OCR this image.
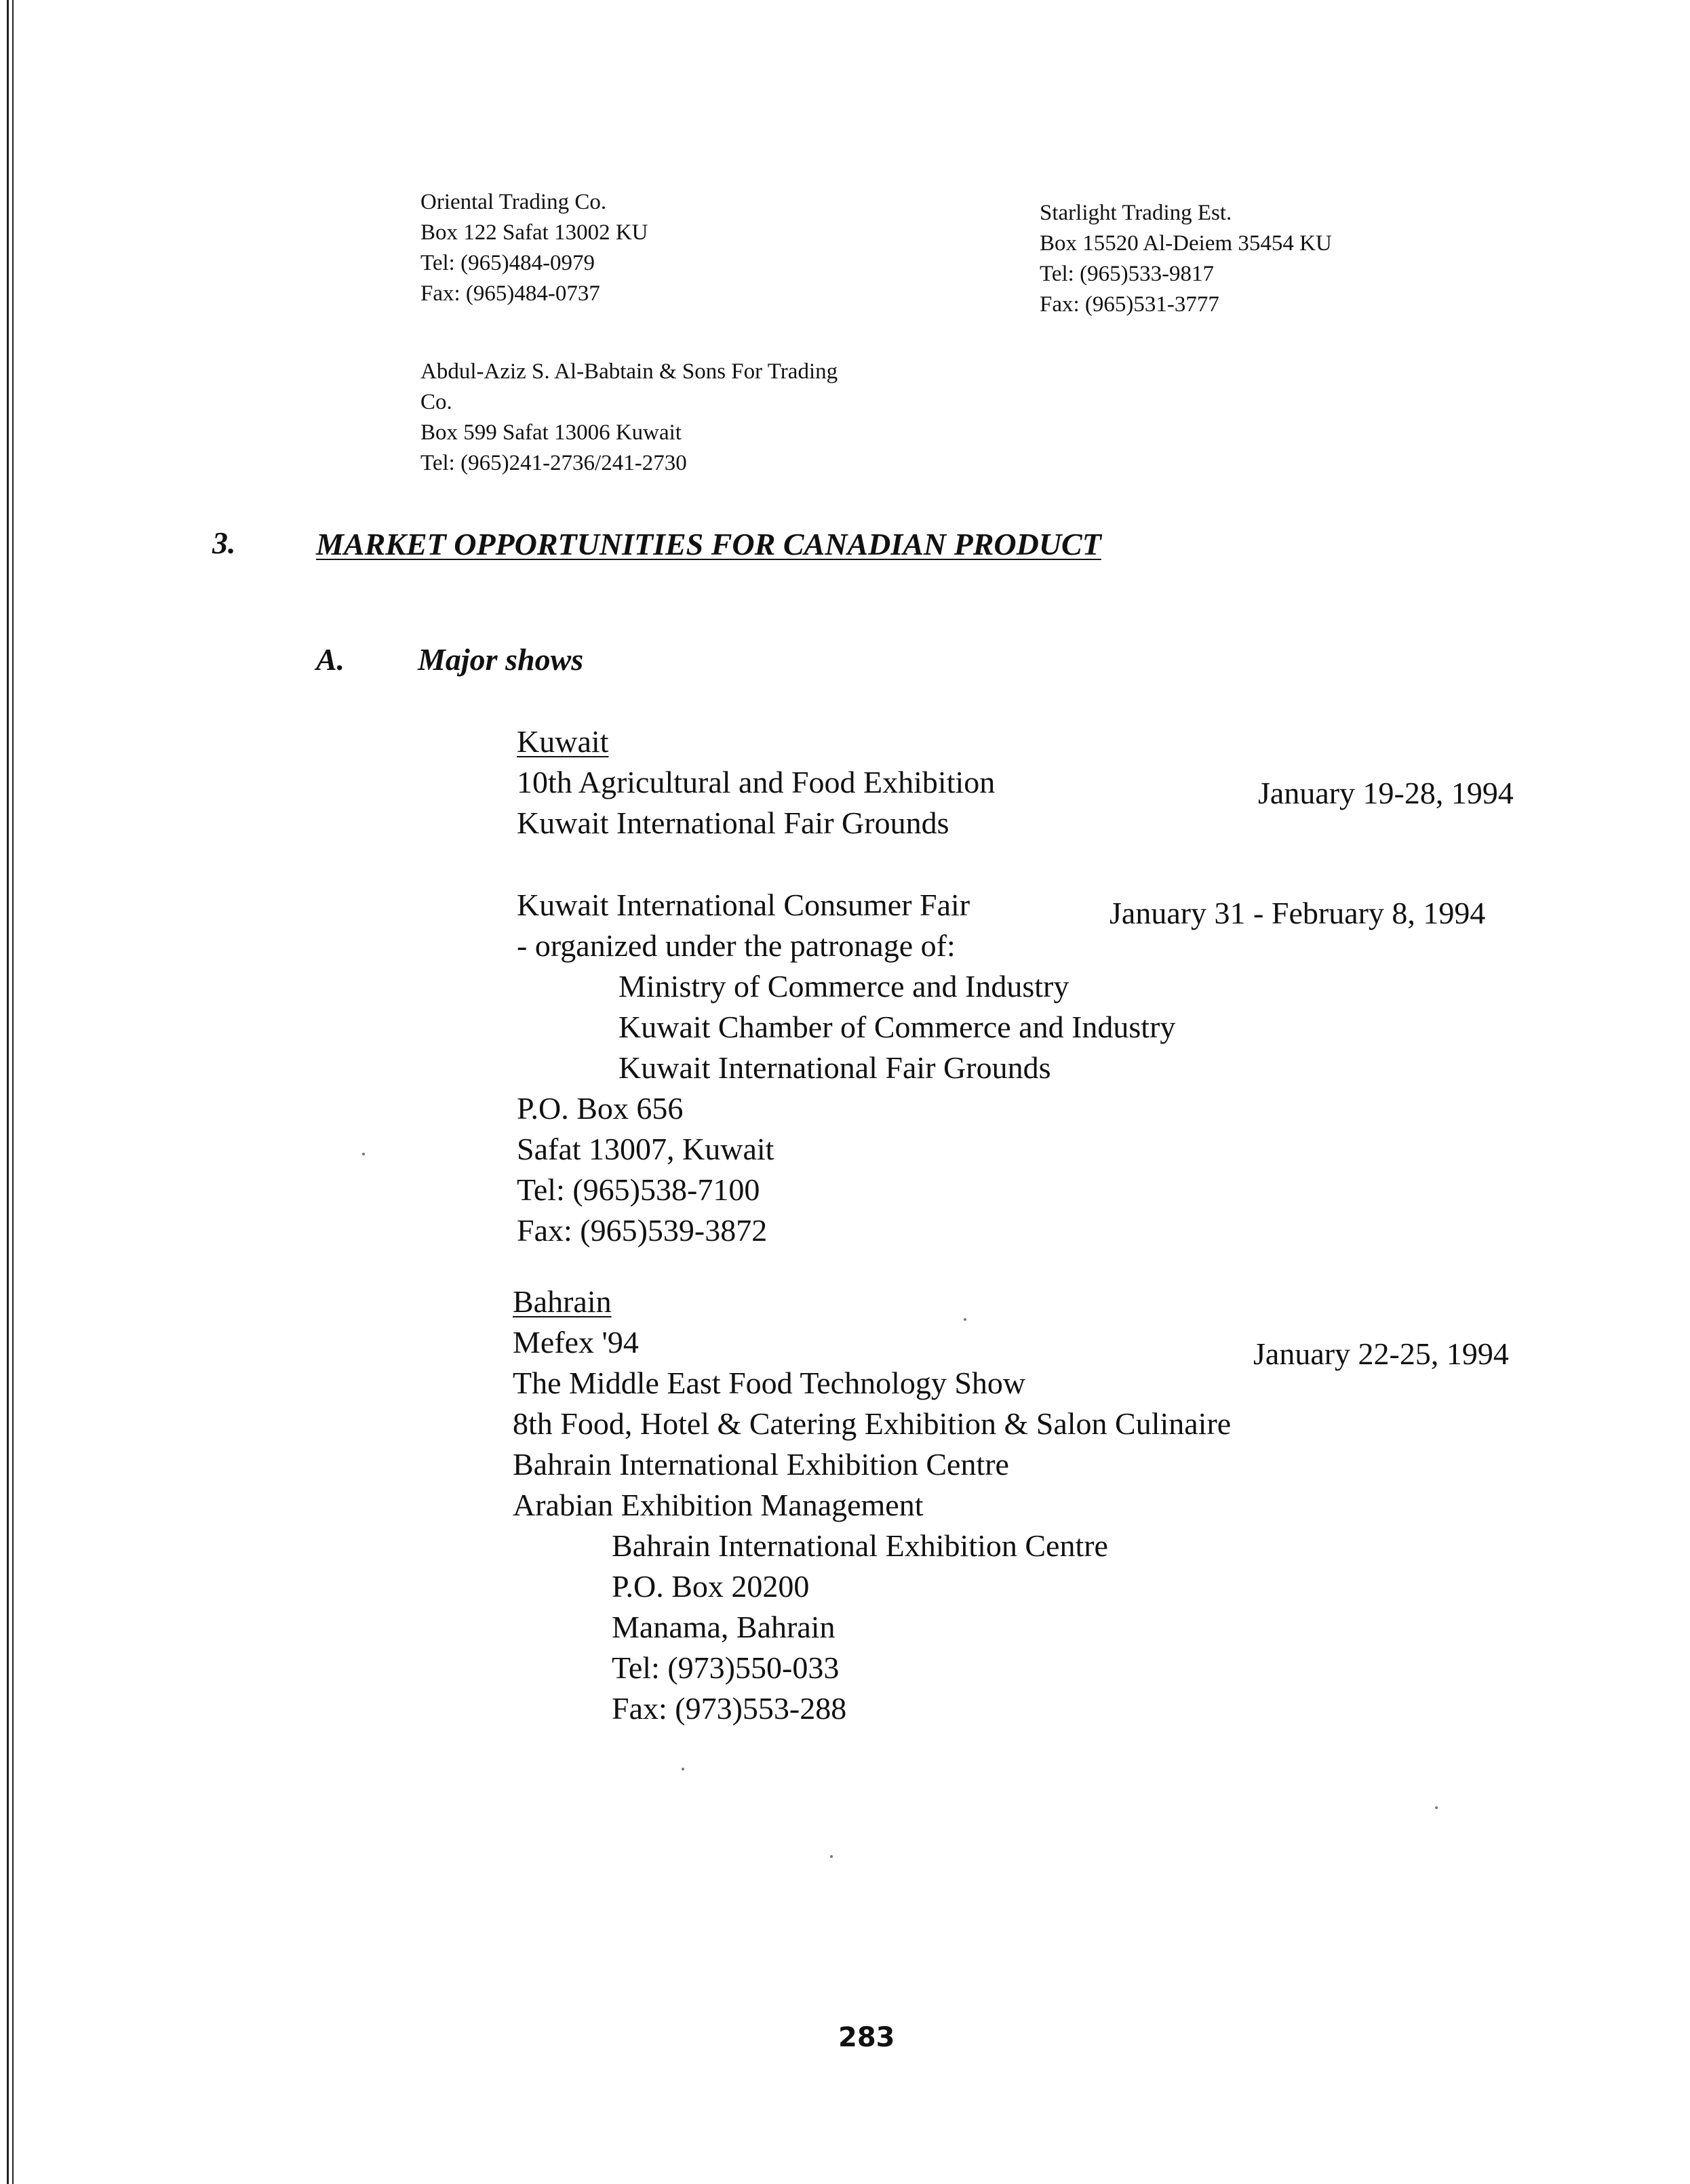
Oriental Trading Co.
Box 122 Safat 13002 KU
Tel: (965)484-0979
Fax: (965)484-0737
Starlight Trading Est.
Box 15520 Al-Deiem 35454 KU
Tel: (965)533-9817
Fax: (965)531-3777
Abdul-Aziz S. Al-Babtain & Sons For Trading
Co.
Box 599 Safat 13006 Kuwait
Tel: (965)241-2736/241-2730
3.	MARKET OPPORTUNITIES FOR CANADIAN PRODUCT
A. Major shows
Kuwait
10th Agricultural and Food Exhibition
Kuwait International Fair Grounds
January 19-28, 1994
Kuwait International Consumer Fair
- organized under the patronage of:
Ministry of Commerce and Industry
Kuwait Chamber of Commerce and Industry
Kuwait International Fair Grounds
P.O. Box 656
Safat 13007, Kuwait
Tel: (965)538-7100
Fax: (965)539-3872
January 31 - February 8, 1994
Bahrain
Mefex '94
The Middle East Food Technology Show
8th Food, Hotel & Catering Exhibition & Salon Culinaire
Bahrain International Exhibition Centre
Arabian Exhibition Management
Bahrain International Exhibition Centre
P.O. Box 20200
Manama, Bahrain
Tel: (973)550-033
Fax: (973)553-288
January 22-25, 1994
283
